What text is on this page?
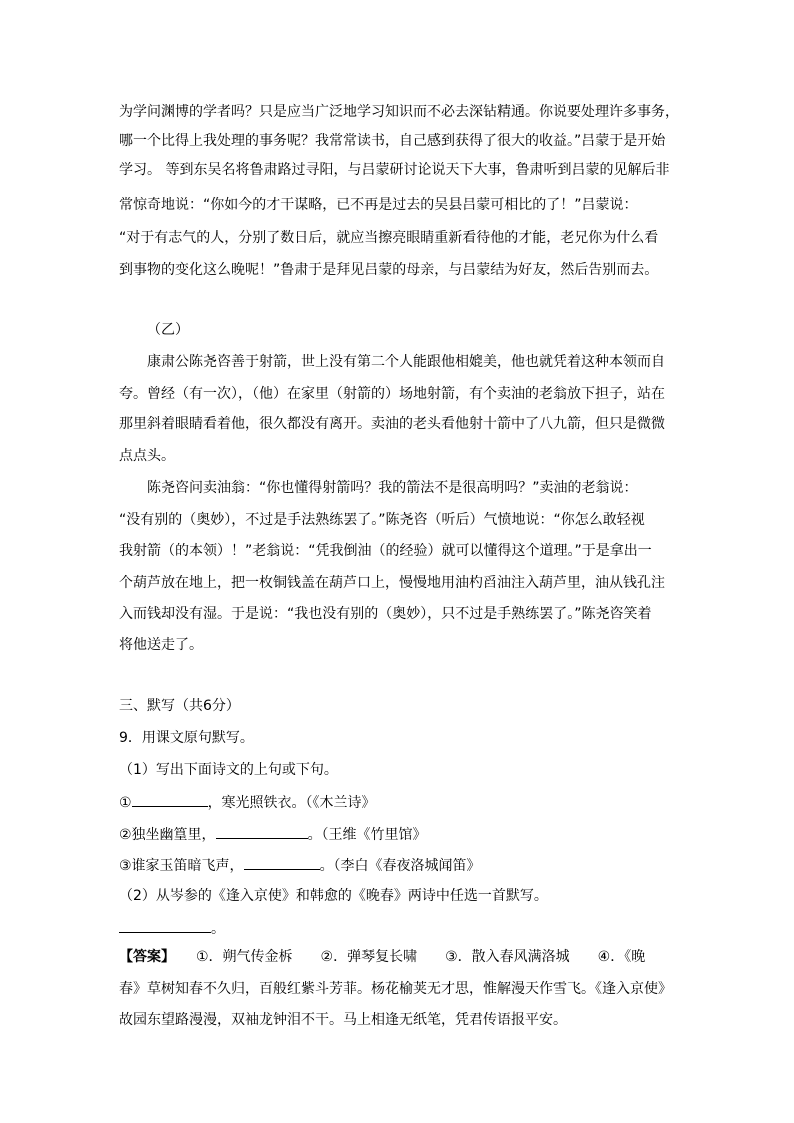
为学问渊博的学者吗？只是应当广泛地学习知识而不必去深钻精通。你说要处理许多事务，
哪一个比得上我处理的事务呢？我常常读书，自己感到获得了很大的收益。”吕蒙于是开始
学习。 等到东吴名将鲁肃路过寻阳，与吕蒙研讨论说天下大事，鲁肃听到吕蒙的见解后非
常惊奇地说：“你如今的才干谋略，已不再是过去的吴县吕蒙可相比的了！”吕蒙说：
“对于有志气的人，分别了数日后，就应当擦亮眼睛重新看待他的才能，老兄你为什么看
到事物的变化这么晚呢！”鲁肃于是拜见吕蒙的母亲，与吕蒙结为好友，然后告别而去。
（乙）
康肃公陈尧咨善于射箭，世上没有第二个人能跟他相媲美，他也就凭着这种本领而自
夸。曾经（有一次），（他）在家里（射箭的）场地射箭，有个卖油的老翁放下担子，站在
那里斜着眼睛看着他，很久都没有离开。卖油的老头看他射十箭中了八九箭，但只是微微
点点头。
陈尧咨问卖油翁：“你也懂得射箭吗？我的箭法不是很高明吗？”卖油的老翁说：
“没有别的（奥妙），不过是手法熟练罢了。”陈尧咨（听后）气愤地说：“你怎么敢轻视
我射箭（的本领）！”老翁说：“凭我倒油（的经验）就可以懂得这个道理。”于是拿出一
个葫芦放在地上，把一枚铜钱盖在葫芦口上，慢慢地用油杓舀油注入葫芦里，油从钱孔注
入而钱却没有湿。于是说：“我也没有别的（奥妙），只不过是手熟练罢了。”陈尧咨笑着
将他送走了。
三、默写（共6分）
9．用课文原句默写。
（1）写出下面诗文的上句或下句。
①	，寒光照铁衣。（《木兰诗》
②独坐幽篁里，	。（王维《竹里馆》
③谁家玉笛暗飞声，	。（李白《春夜洛城闻笛》
（2）从岑参的《逢入京使》和韩愈的《晚春》两诗中任选一首默写。
。
【答案】　　 ①．朔气传金柝　　②．弹琴复长啸　　③．散入春风满洛城　　④．《晚
春》草树知春不久归，百般红紫斗芳菲。杨花榆荚无才思，惟解漫天作雪飞。《逢入京使》
故园东望路漫漫，双袖龙钟泪不干。马上相逢无纸笔，凭君传语报平安。
